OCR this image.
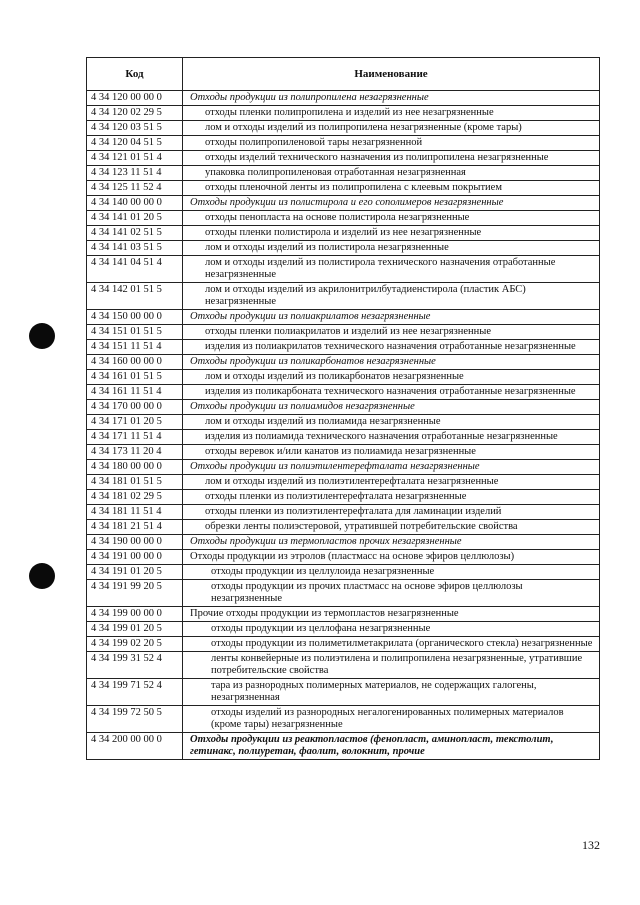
Код	Наименование
4 34 120 00 00 0	Отходы продукции из полипропилена незагрязненные
4 34 120 02 29 5	отходы пленки полипропилена и изделий из нее незагрязненные
4 34 120 03 51 5	лом и отходы изделий из полипропилена незагрязненные (кроме тары)
4 34 120 04 51 5	отходы полипропиленовой тары незагрязненной
4 34 121 01 51 4	отходы изделий технического назначения из полипропилена незагрязненные
4 34 123 11 51 4	упаковка полипропиленовая отработанная незагрязненная
4 34 125 11 52 4	отходы пленочной ленты из полипропилена с клеевым покрытием
4 34 140 00 00 0	Отходы продукции из полистирола и его сополимеров незагрязненные
4 34 141 01 20 5	отходы пенопласта на основе полистирола незагрязненные
4 34 141 02 51 5	отходы пленки полистирола и изделий из нее незагрязненные
4 34 141 03 51 5	лом и отходы изделий из полистирола незагрязненные
4 34 141 04 51 4	лом и отходы изделий из полистирола технического назначения отработанные незагрязненные
4 34 142 01 51 5	лом и отходы изделий из акрилонитрилбутадиенстирола (пластик АБС) незагрязненные
4 34 150 00 00 0	Отходы продукции из полиакрилатов незагрязненные
4 34 151 01 51 5	отходы пленки полиакрилатов и изделий из нее незагрязненные
4 34 151 11 51 4	изделия из полиакрилатов технического назначения отработанные незагрязненные
4 34 160 00 00 0	Отходы продукции из поликарбонатов незагрязненные
4 34 161 01 51 5	лом и отходы изделий из поликарбонатов незагрязненные
4 34 161 11 51 4	изделия из поликарбоната технического назначения отработанные незагрязненные
4 34 170 00 00 0	Отходы продукции из полиамидов незагрязненные
4 34 171 01 20 5	лом и отходы изделий из полиамида незагрязненные
4 34 171 11 51 4	изделия из полиамида технического назначения отработанные незагрязненные
4 34 173 11 20 4	отходы веревок и/или канатов из полиамида незагрязненные
4 34 180 00 00 0	Отходы продукции из полиэтилентерефталата незагрязненные
4 34 181 01 51 5	лом и отходы изделий из полиэтилентерефталата незагрязненные
4 34 181 02 29 5	отходы пленки из полиэтилентерефталата незагрязненные
4 34 181 11 51 4	отходы пленки из полиэтилентерефталата для ламинации изделий
4 34 181 21 51 4	обрезки ленты полиэстеровой, утратившей потребительские свойства
4 34 190 00 00 0	Отходы продукции из термопластов прочих незагрязненные
4 34 191 00 00 0	Отходы продукции из этролов (пластмасс на основе эфиров целлюлозы)
4 34 191 01 20 5	отходы продукции из целлулоида незагрязненные
4 34 191 99 20 5	отходы продукции из прочих пластмасс на основе эфиров целлюлозы незагрязненные
4 34 199 00 00 0	Прочие отходы продукции из термопластов незагрязненные
4 34 199 01 20 5	отходы продукции из целлофана незагрязненные
4 34 199 02 20 5	отходы продукции из полиметилметакрилата (органического стекла) незагрязненные
4 34 199 31 52 4	ленты конвейерные из полиэтилена и полипропилена незагрязненные, утратившие потребительские свойства
4 34 199 71 52 4	тара из разнородных полимерных материалов, не содержащих галогены, незагрязненная
4 34 199 72 50 5	отходы изделий из разнородных негалогенированных полимерных материалов (кроме тары) незагрязненные
4 34 200 00 00 0	Отходы продукции из реактопластов (фенопласт, аминопласт, текстолит, гетинакс, полиуретан, фаолит, волокнит, прочие
132
